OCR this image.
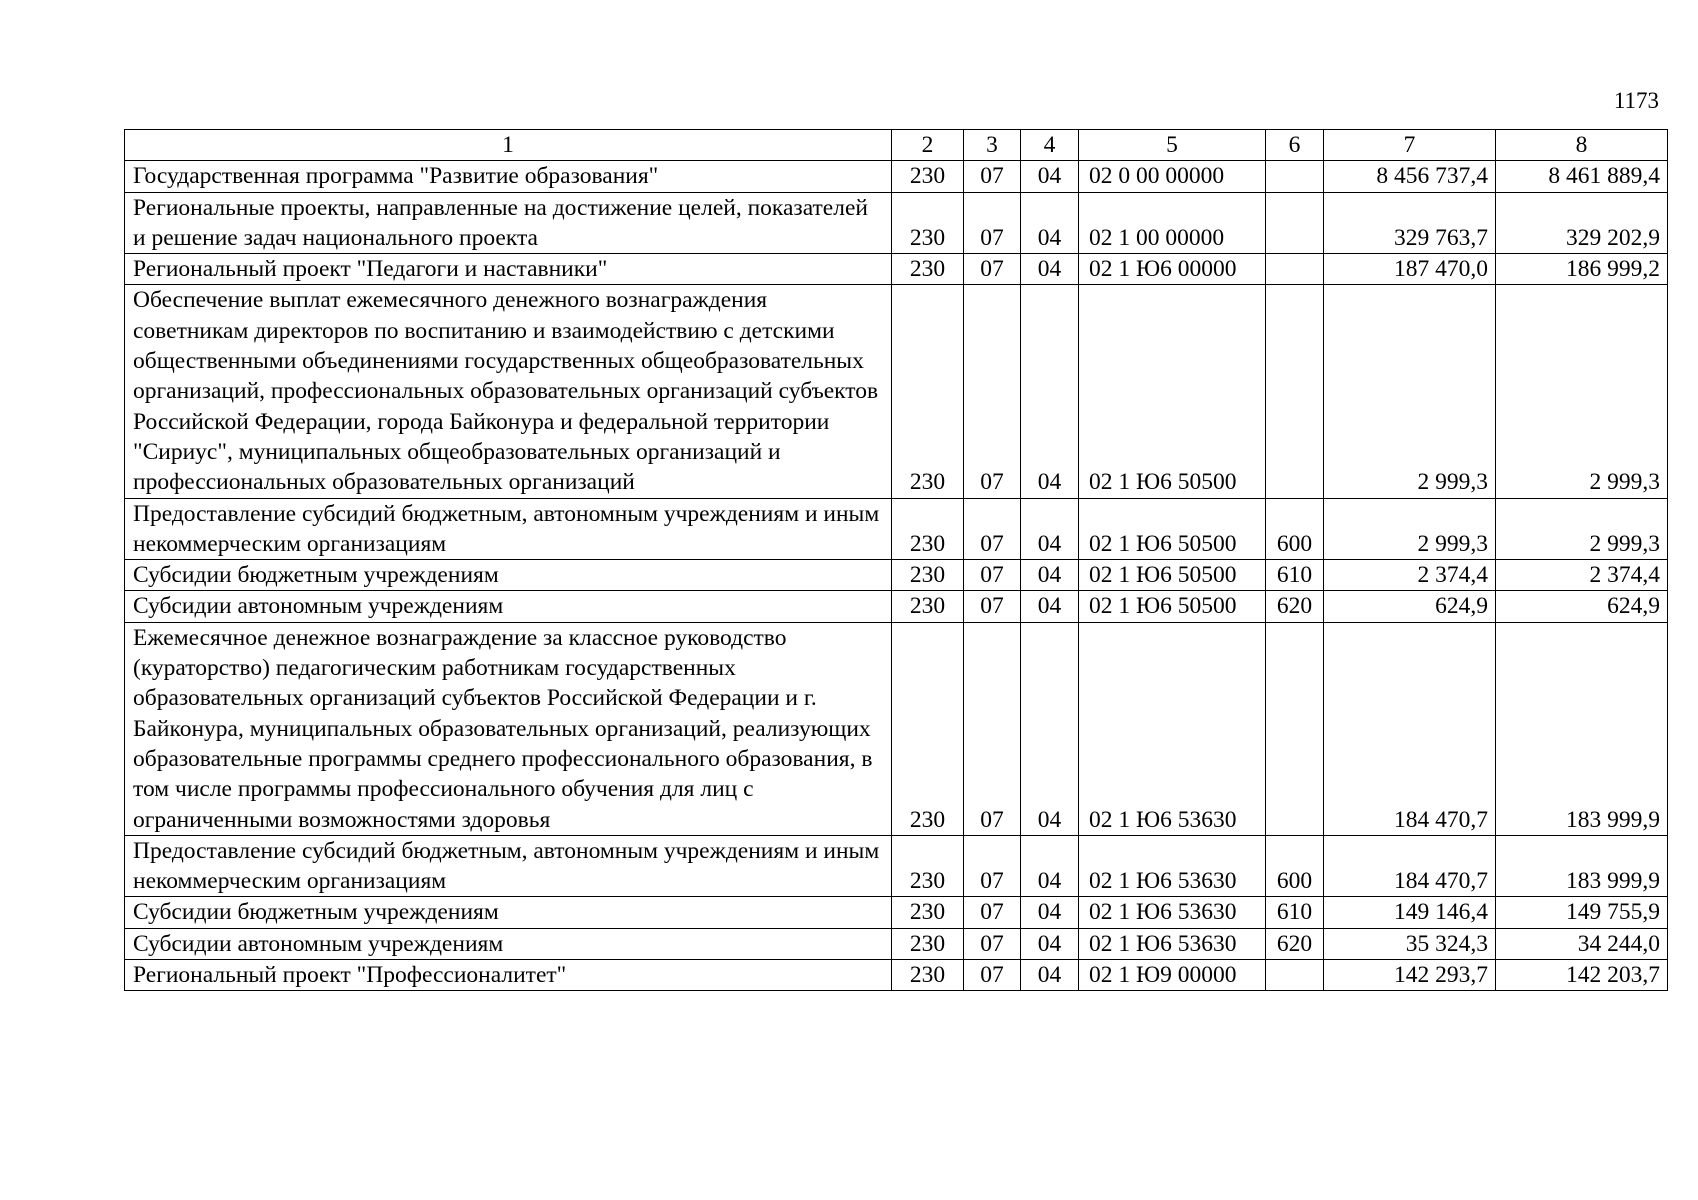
1173
1	2	3	4	5	6	7	8
Государственная программа "Развитие образования"	230	07	04	02 0 00 00000		8 456 737,4	8 461 889,4
Региональные проекты, направленные на достижение целей, показателей и решение задач национального проекта	230	07	04	02 1 00 00000		329 763,7	329 202,9
Региональный проект "Педагоги и наставники"	230	07	04	02 1 Ю6 00000		187 470,0	186 999,2
Обеспечение выплат ежемесячного денежного вознаграждения советникам директоров по воспитанию и взаимодействию с детскими общественными объединениями государственных общеобразовательных организаций, профессиональных образовательных организаций субъектов Российской Федерации, города Байконура и федеральной территории "Сириус", муниципальных общеобразовательных организаций и профессиональных образовательных организаций	230	07	04	02 1 Ю6 50500		2 999,3	2 999,3
Предоставление субсидий бюджетным, автономным учреждениям и иным некоммерческим организациям	230	07	04	02 1 Ю6 50500	600	2 999,3	2 999,3
Субсидии бюджетным учреждениям	230	07	04	02 1 Ю6 50500	610	2 374,4	2 374,4
Субсидии автономным учреждениям	230	07	04	02 1 Ю6 50500	620	624,9	624,9
Ежемесячное денежное вознаграждение за классное руководство (кураторство) педагогическим работникам государственных образовательных организаций субъектов Российской Федерации и г. Байконура, муниципальных образовательных организаций, реализующих образовательные программы среднего профессионального образования, в том числе программы профессионального обучения для лиц с ограниченными возможностями здоровья	230	07	04	02 1 Ю6 53630		184 470,7	183 999,9
Предоставление субсидий бюджетным, автономным учреждениям и иным некоммерческим организациям	230	07	04	02 1 Ю6 53630	600	184 470,7	183 999,9
Субсидии бюджетным учреждениям	230	07	04	02 1 Ю6 53630	610	149 146,4	149 755,9
Субсидии автономным учреждениям	230	07	04	02 1 Ю6 53630	620	35 324,3	34 244,0
Региональный проект "Профессионалитет"	230	07	04	02 1 Ю9 00000		142 293,7	142 203,7
